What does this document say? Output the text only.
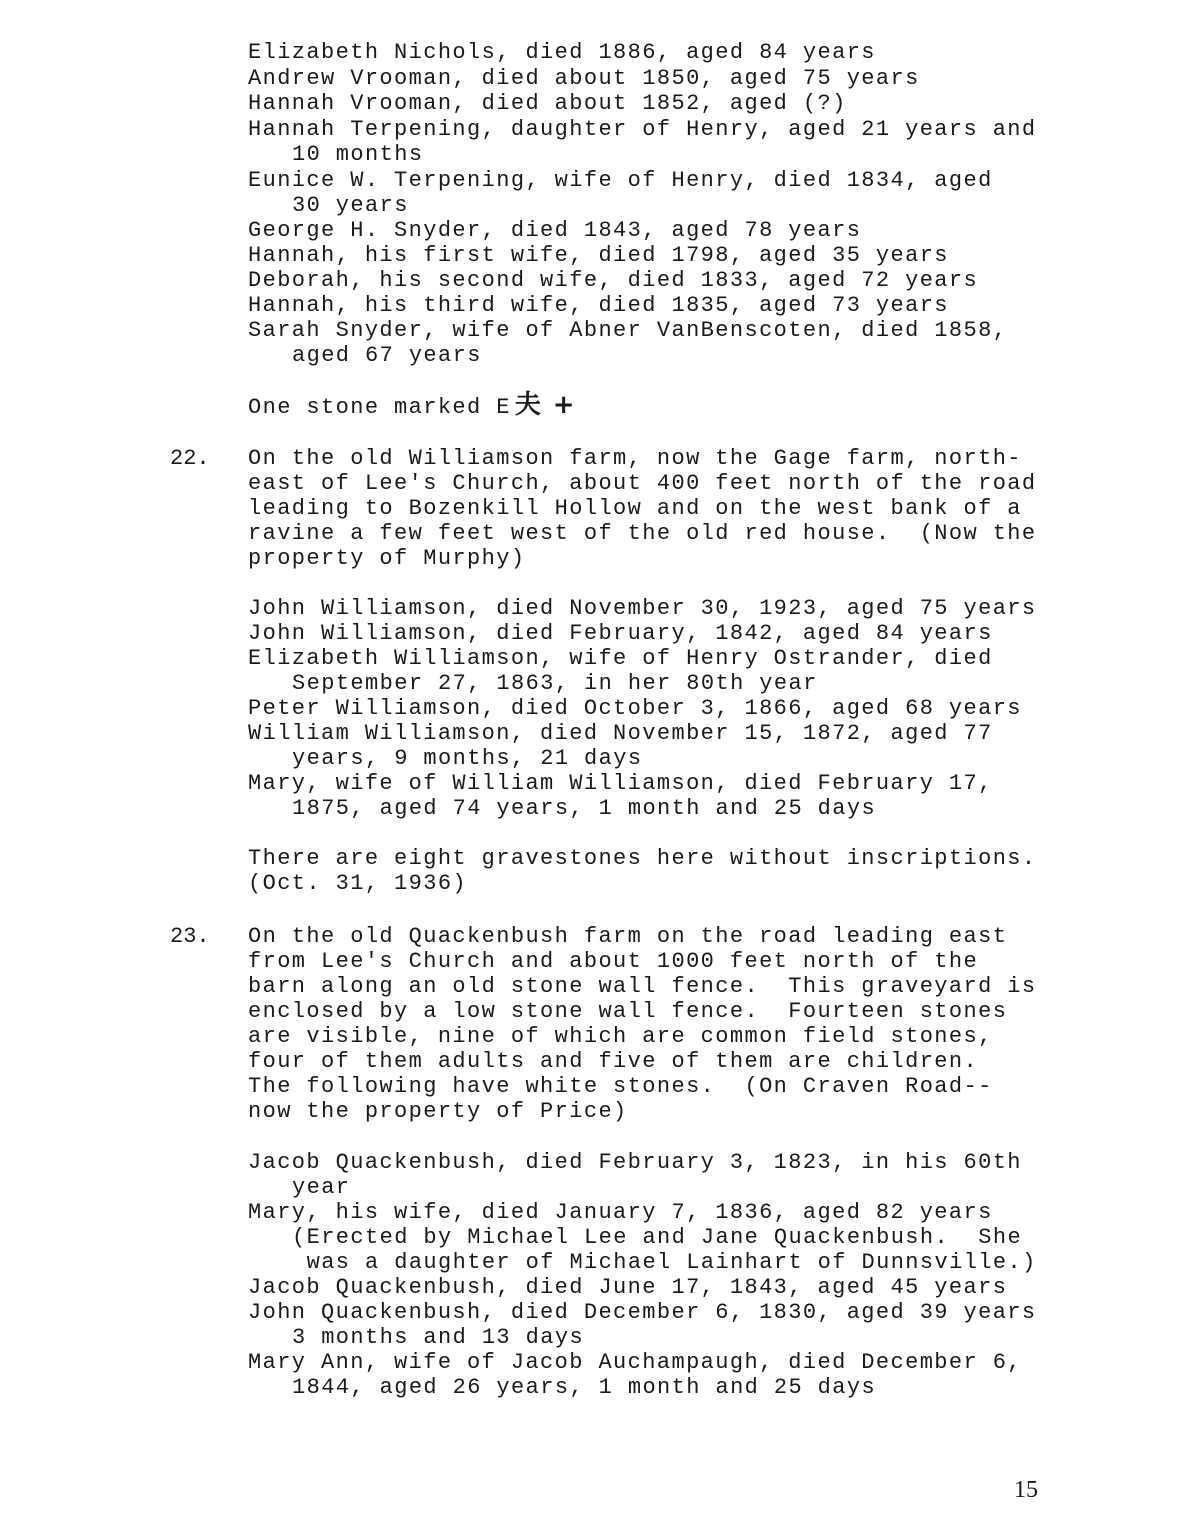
Elizabeth Nichols, died 1886, aged 84 years
Andrew Vrooman, died about 1850, aged 75 years
Hannah Vrooman, died about 1852, aged (?)
Hannah Terpening, daughter of Henry, aged 21 years and
10 months
Eunice W. Terpening, wife of Henry, died 1834, aged
30 years
George H. Snyder, died 1843, aged 78 years
Hannah, his first wife, died 1798, aged 35 years
Deborah, his second wife, died 1833, aged 72 years
Hannah, his third wife, died 1835, aged 73 years
Sarah Snyder, wife of Abner VanBenscoten, died 1858,
aged 67 years
One stone marked E 夫 +
22. On the old Williamson farm, now the Gage farm, north-
east of Lee's Church, about 400 feet north of the road
leading to Bozenkill Hollow and on the west bank of a
ravine a few feet west of the old red house.  (Now the
property of Murphy)
John Williamson, died November 30, 1923, aged 75 years
John Williamson, died February, 1842, aged 84 years
Elizabeth Williamson, wife of Henry Ostrander, died
September 27, 1863, in her 80th year
Peter Williamson, died October 3, 1866, aged 68 years
William Williamson, died November 15, 1872, aged 77
years, 9 months, 21 days
Mary, wife of William Williamson, died February 17,
1875, aged 74 years, 1 month and 25 days
There are eight gravestones here without inscriptions.
(Oct. 31, 1936)
23. On the old Quackenbush farm on the road leading east
from Lee's Church and about 1000 feet north of the
barn along an old stone wall fence.  This graveyard is
enclosed by a low stone wall fence.  Fourteen stones
are visible, nine of which are common field stones,
four of them adults and five of them are children.
The following have white stones.  (On Craven Road--
now the property of Price)
Jacob Quackenbush, died February 3, 1823, in his 60th
year
Mary, his wife, died January 7, 1836, aged 82 years
(Erected by Michael Lee and Jane Quackenbush.  She
was a daughter of Michael Lainhart of Dunnsville.)
Jacob Quackenbush, died June 17, 1843, aged 45 years
John Quackenbush, died December 6, 1830, aged 39 years
3 months and 13 days
Mary Ann, wife of Jacob Auchampaugh, died December 6,
1844, aged 26 years, 1 month and 25 days
15
